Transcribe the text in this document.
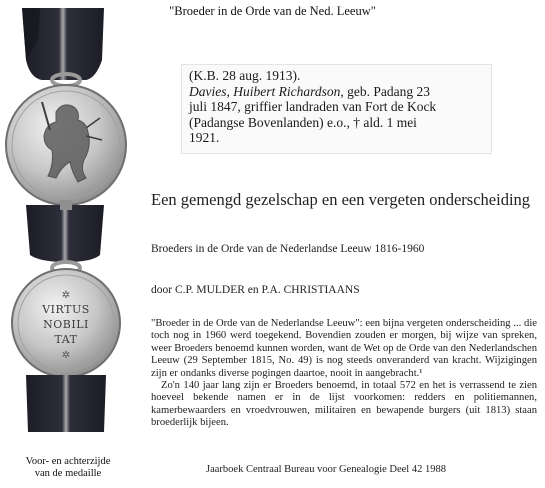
"Broeder in de Orde van de Ned. Leeuw"
✲
✲
VIRTUS
NOBILI
TAT
Voor- en achterzijde
van de medaille
(K.B. 28 aug. 1913).
Davies, Huibert Richardson, geb. Padang 23
juli 1847, griffier landraden van Fort de Kock
(Padangse Bovenlanden) e.o., † ald. 1 mei
1921.
Een gemengd gezelschap en een vergeten onderscheiding
Broeders in de Orde van de Nederlandse Leeuw 1816-1960
door C.P. MULDER en P.A. CHRISTIAANS

"Broeder in de Orde van de Nederlandse Leeuw": een bijna vergeten onderscheiding ... die toch nog in 1960 werd toegekend. Bovendien zouden er morgen, bij wijze van spreken, weer Broeders benoemd kunnen worden, want de Wet op de Orde van den Nederlandschen Leeuw (29 September 1815, No. 49) is nog steeds onveranderd van kracht. Wijzigingen zijn er ondanks diverse pogingen daartoe, nooit in aangebracht.¹

Zo'n 140 jaar lang zijn er Broeders benoemd, in totaal 572 en het is verrassend te zien hoeveel bekende namen er in de lijst voorkomen: redders en politiemannen, kamerbewaarders en vroedvrouwen, militairen en bewapende burgers (uit 1813) staan broederlijk bijeen.

Jaarboek Centraal Bureau voor Genealogie Deel 42 1988
